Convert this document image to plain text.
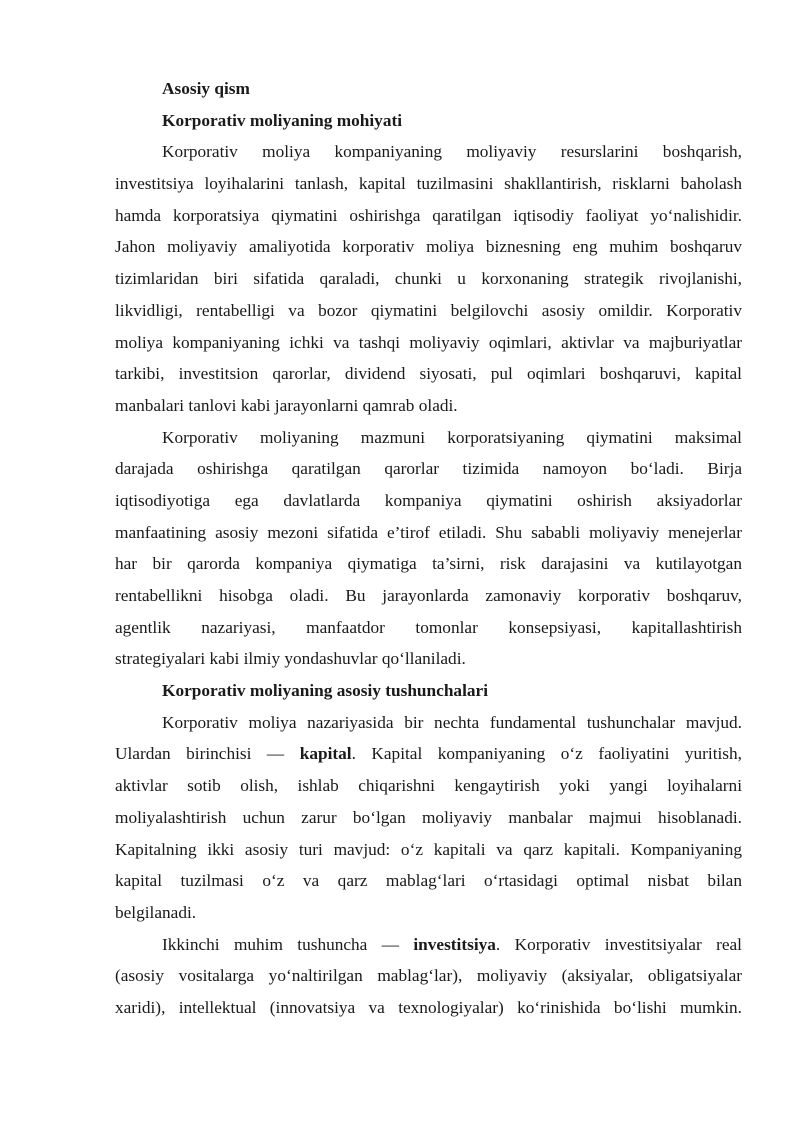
Asosiy qism
Korporativ moliyaning mohiyati
Korporativ moliya kompaniyaning moliyaviy resurslarini boshqarish,
investitsiya loyihalarini tanlash, kapital tuzilmasini shakllantirish, risklarni baholash
hamda korporatsiya qiymatini oshirishga qaratilgan iqtisodiy faoliyat yo‘nalishidir.
Jahon moliyaviy amaliyotida korporativ moliya biznesning eng muhim boshqaruv
tizimlaridan biri sifatida qaraladi, chunki u korxonaning strategik rivojlanishi,
likvidligi, rentabelligi va bozor qiymatini belgilovchi asosiy omildir. Korporativ
moliya kompaniyaning ichki va tashqi moliyaviy oqimlari, aktivlar va majburiyatlar
tarkibi, investitsion qarorlar, dividend siyosati, pul oqimlari boshqaruvi, kapital
manbalari tanlovi kabi jarayonlarni qamrab oladi.
Korporativ moliyaning mazmuni korporatsiyaning qiymatini maksimal
darajada oshirishga qaratilgan qarorlar tizimida namoyon bo‘ladi. Birja
iqtisodiyotiga ega davlatlarda kompaniya qiymatini oshirish aksiyadorlar
manfaatining asosiy mezoni sifatida e’tirof etiladi. Shu sababli moliyaviy menejerlar
har bir qarorda kompaniya qiymatiga ta’sirni, risk darajasini va kutilayotgan
rentabellikni hisobga oladi. Bu jarayonlarda zamonaviy korporativ boshqaruv,
agentlik nazariyasi, manfaatdor tomonlar konsepsiyasi, kapitallashtirish
strategiyalari kabi ilmiy yondashuvlar qo‘llaniladi.
Korporativ moliyaning asosiy tushunchalari
Korporativ moliya nazariyasida bir nechta fundamental tushunchalar mavjud.
Ulardan birinchisi — kapital. Kapital kompaniyaning o‘z faoliyatini yuritish,
aktivlar sotib olish, ishlab chiqarishni kengaytirish yoki yangi loyihalarni
moliyalashtirish uchun zarur bo‘lgan moliyaviy manbalar majmui hisoblanadi.
Kapitalning ikki asosiy turi mavjud: o‘z kapitali va qarz kapitali. Kompaniyaning
kapital tuzilmasi o‘z va qarz mablag‘lari o‘rtasidagi optimal nisbat bilan
belgilanadi.
Ikkinchi muhim tushuncha — investitsiya. Korporativ investitsiyalar real
(asosiy vositalarga yo‘naltirilgan mablag‘lar), moliyaviy (aksiyalar, obligatsiyalar
xaridi), intellektual (innovatsiya va texnologiyalar) ko‘rinishida bo‘lishi mumkin.
